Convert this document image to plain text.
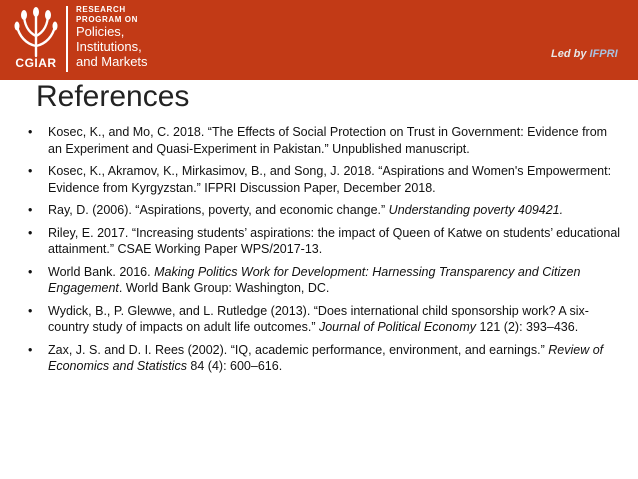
CGIAR
RESEARCH
PROGRAM ON
Policies,
Institutions,
and Markets	Led by IFPRI
References
• Kosec, K., and Mo, C. 2018. “The Effects of Social Protection on Trust in Government: Evidence from an Experiment and Quasi-Experiment in Pakistan.” Unpublished manuscript.
• Kosec, K., Akramov, K., Mirkasimov, B., and Song, J. 2018. “Aspirations and Women's Empowerment: Evidence from Kyrgyzstan.” IFPRI Discussion Paper, December 2018.
• Ray, D. (2006). “Aspirations, poverty, and economic change.” Understanding poverty 409421.
• Riley, E. 2017. “Increasing students’ aspirations: the impact of Queen of Katwe on students’ educational attainment.” CSAE Working Paper WPS/2017-13.
• World Bank. 2016. Making Politics Work for Development: Harnessing Transparency and Citizen Engagement. World Bank Group: Washington, DC.
• Wydick, B., P. Glewwe, and L. Rutledge (2013). “Does international child sponsorship work? A six-country study of impacts on adult life outcomes.” Journal of Political Economy 121 (2): 393–436.
• Zax, J. S. and D. I. Rees (2002). “IQ, academic performance, environment, and earnings.” Review of Economics and Statistics 84 (4): 600–616.
